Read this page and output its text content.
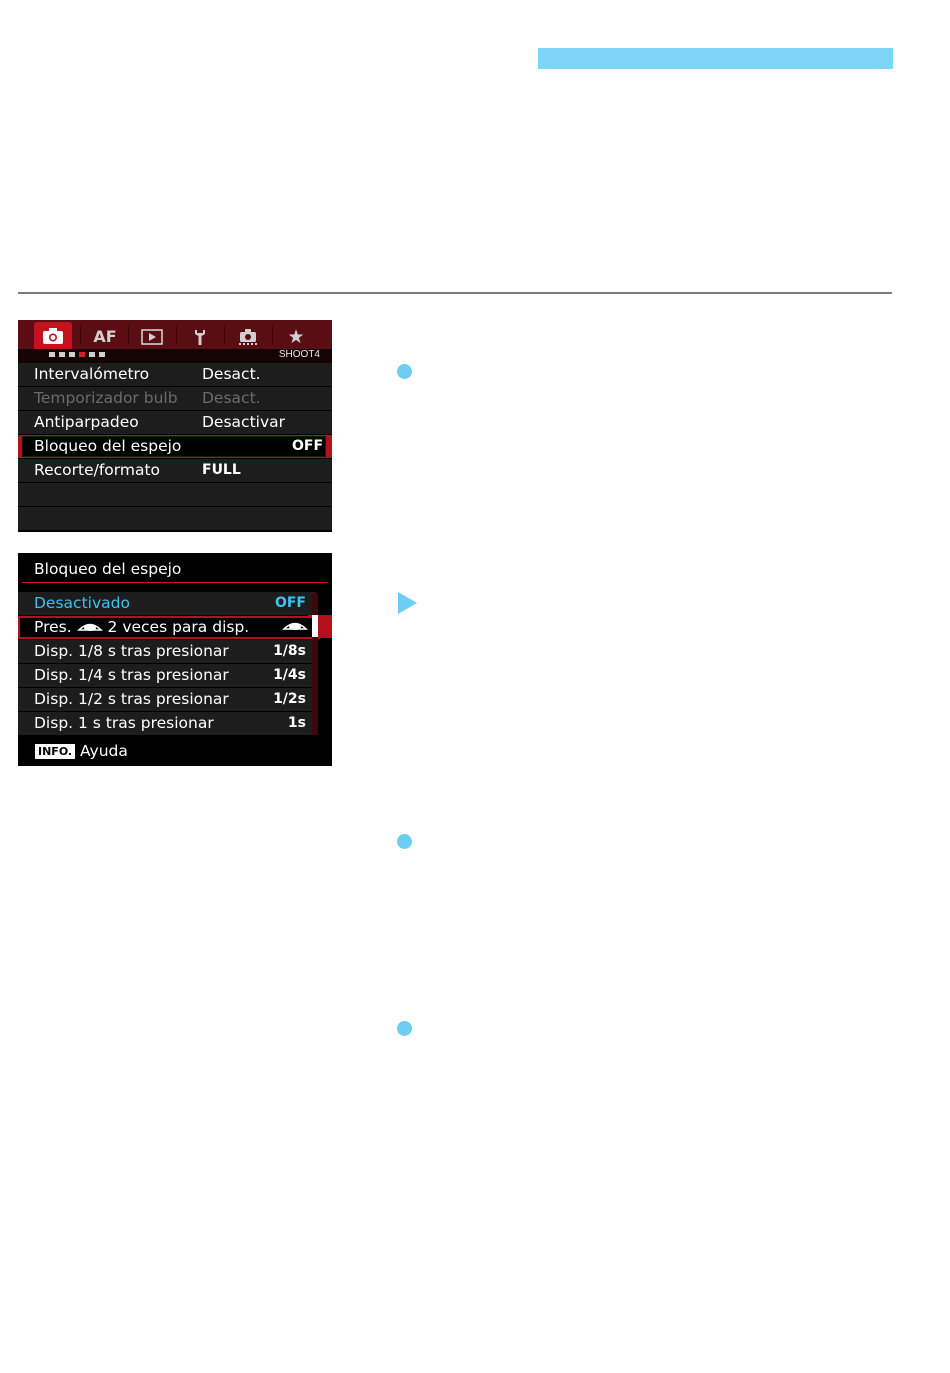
AF	★
SHOOT4
Intervalómetro	Desact.
Temporizador bulb Desact.
Antiparpadeo	Desactivar
Bloqueo del espejo	OFF
Recorte/formato	FULL
Bloqueo del espejo
Desactivado	OFF
Pres. 2 veces para disp.
Disp. 1/8 s tras presionar	1/8s
Disp. 1/4 s tras presionar	1/4s
Disp. 1/2 s tras presionar	1/2s
Disp. 1 s tras presionar	1s
INFO. Ayuda
